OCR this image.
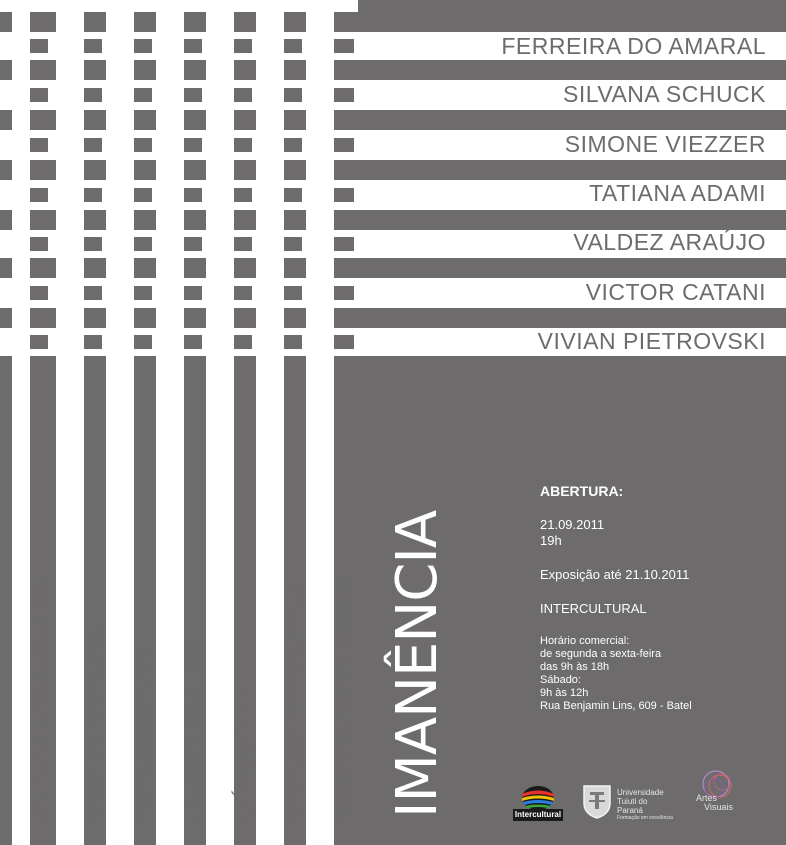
FERREIRA DO AMARAL
SILVANA SCHUCK
SIMONE VIEZZER
TATIANA ADAMI
VALDEZ ARAÚJO
VICTOR CATANI
VIVIAN PIETROVSKI
ANTHONY DOS SANTOS BASILEU MENEZES FERNANDA YUMI HELSON CASTRO LAÍS BECKER MARCOS FRANKOWICZ ROBERTA DIPPE NUNES IMANÊNCIA
ABERTURA:
21.09.2011
19h
Exposição até 21.10.2011
INTERCULTURAL
Horário comercial:
de segunda a sexta-feira
das 9h às 18h
Sábado:
9h às 12h
Rua Benjamin Lins, 609 - Batel
Intercultural
Universidade
Tuiuti do
Paraná
Formação em excelência
Artes
Visuais
